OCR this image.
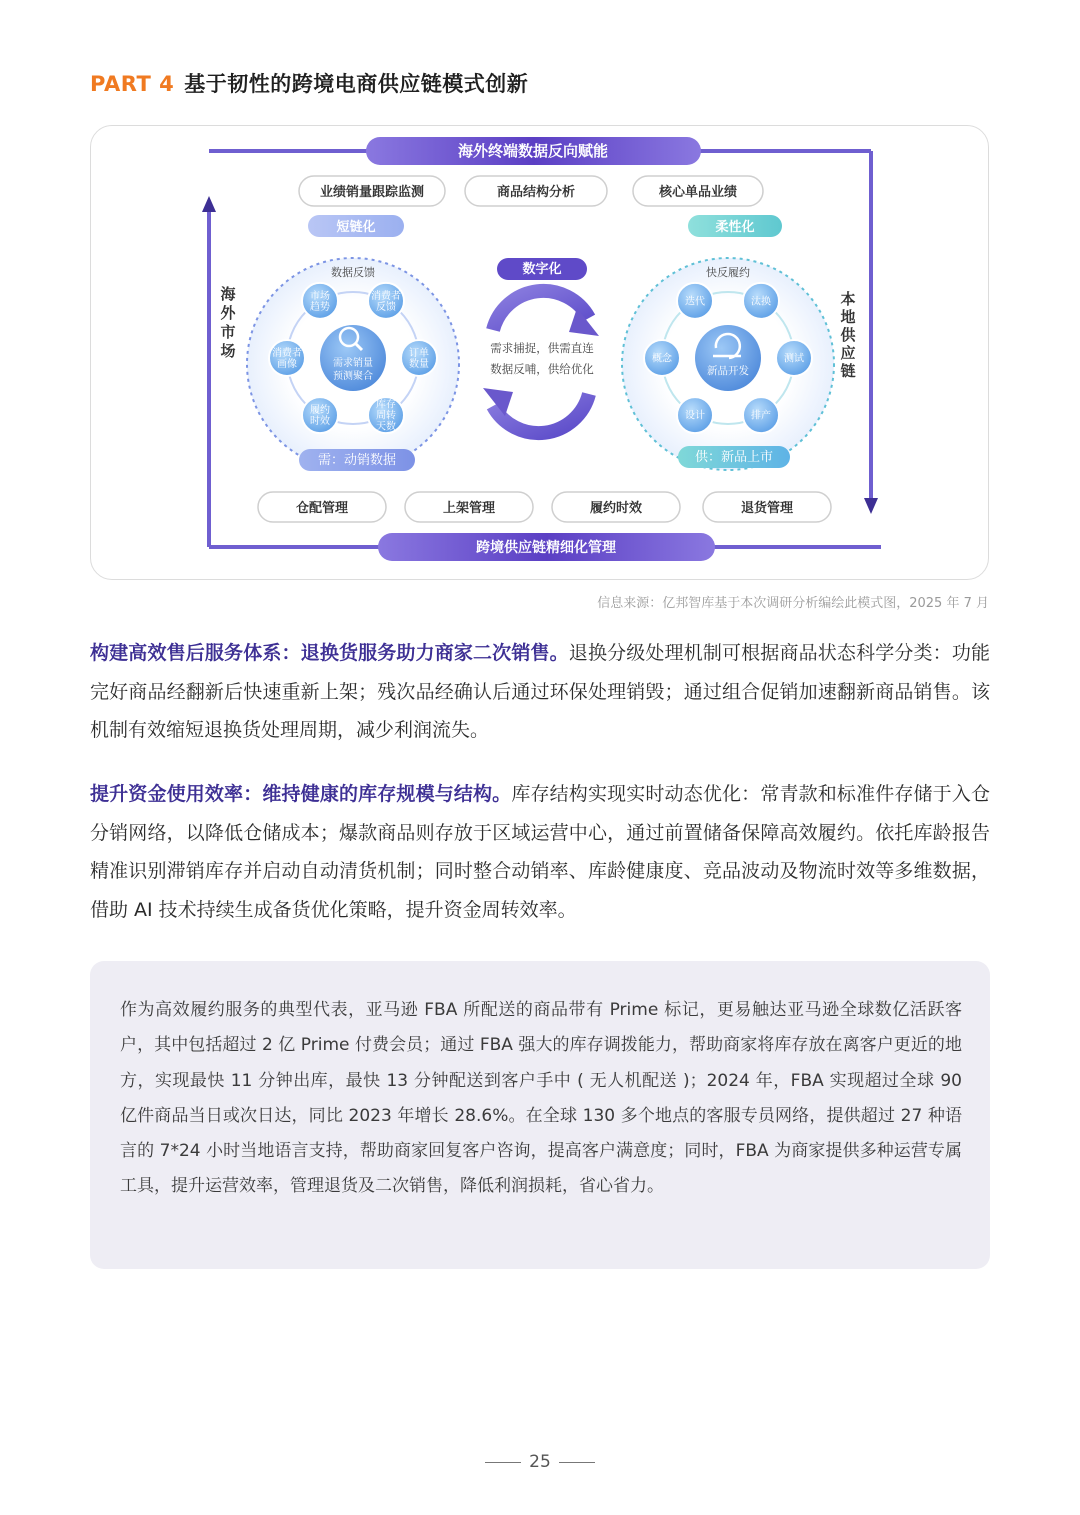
PART 4 基于韧性的跨境电商供应链模式创新
海外终端数据反向赋能
跨境供应链精细化管理
海
外
市
场
本
地
供
应
链
业绩销量跟踪监测	商品结构分析	核心单品业绩
短链化
数据反馈
市场
趋势
消费者
反馈
订单
数量
库存
周转
天数
履约
时效
消费者
画像	需求销量
预测聚合
需：动销数据
数字化
需求捕捉，供需直连
数据反哺，供给优化
柔性化
快反履约
迭代	汰换
测试
排产
设计
概念
新品开发
供：新品上市
仓配管理	上架管理	履约时效	退货管理
信息来源：亿邦智库基于本次调研分析编绘此模式图，2025 年 7 月
构建高效售后服务体系：退换货服务助力商家二次销售。退换分级处理机制可根据商品状态科学分类：功能完好商品经翻新后快速重新上架；残次品经确认后通过环保处理销毁；通过组合促销加速翻新商品销售。该机制有效缩短退换货处理周期，减少利润流失。
提升资金使用效率：维持健康的库存规模与结构。库存结构实现实时动态优化：常青款和标准件存储于入仓分销网络，以降低仓储成本；爆款商品则存放于区域运营中心，通过前置储备保障高效履约。依托库龄报告精准识别滞销库存并启动自动清货机制；同时整合动销率、库龄健康度、竞品波动及物流时效等多维数据，借助 AI 技术持续生成备货优化策略，提升资金周转效率。

作为高效履约服务的典型代表，亚马逊 FBA 所配送的商品带有 Prime 标记，更易触达亚马逊全球数亿活跃客户，其中包括超过 2 亿 Prime 付费会员；通过 FBA 强大的库存调拨能力，帮助商家将库存放在离客户更近的地方，实现最快 11 分钟出库，最快 13 分钟配送到客户手中 ( 无人机配送 )；2024 年，FBA 实现超过全球 90 亿件商品当日或次日达，同比 2023 年增长 28.6%。在全球 130 多个地点的客服专员网络，提供超过 27 种语言的 7*24 小时当地语言支持，帮助商家回复客户咨询，提高客户满意度；同时，FBA 为商家提供多种运营专属工具，提升运营效率，管理退货及二次销售，降低利润损耗，省心省力。

25
